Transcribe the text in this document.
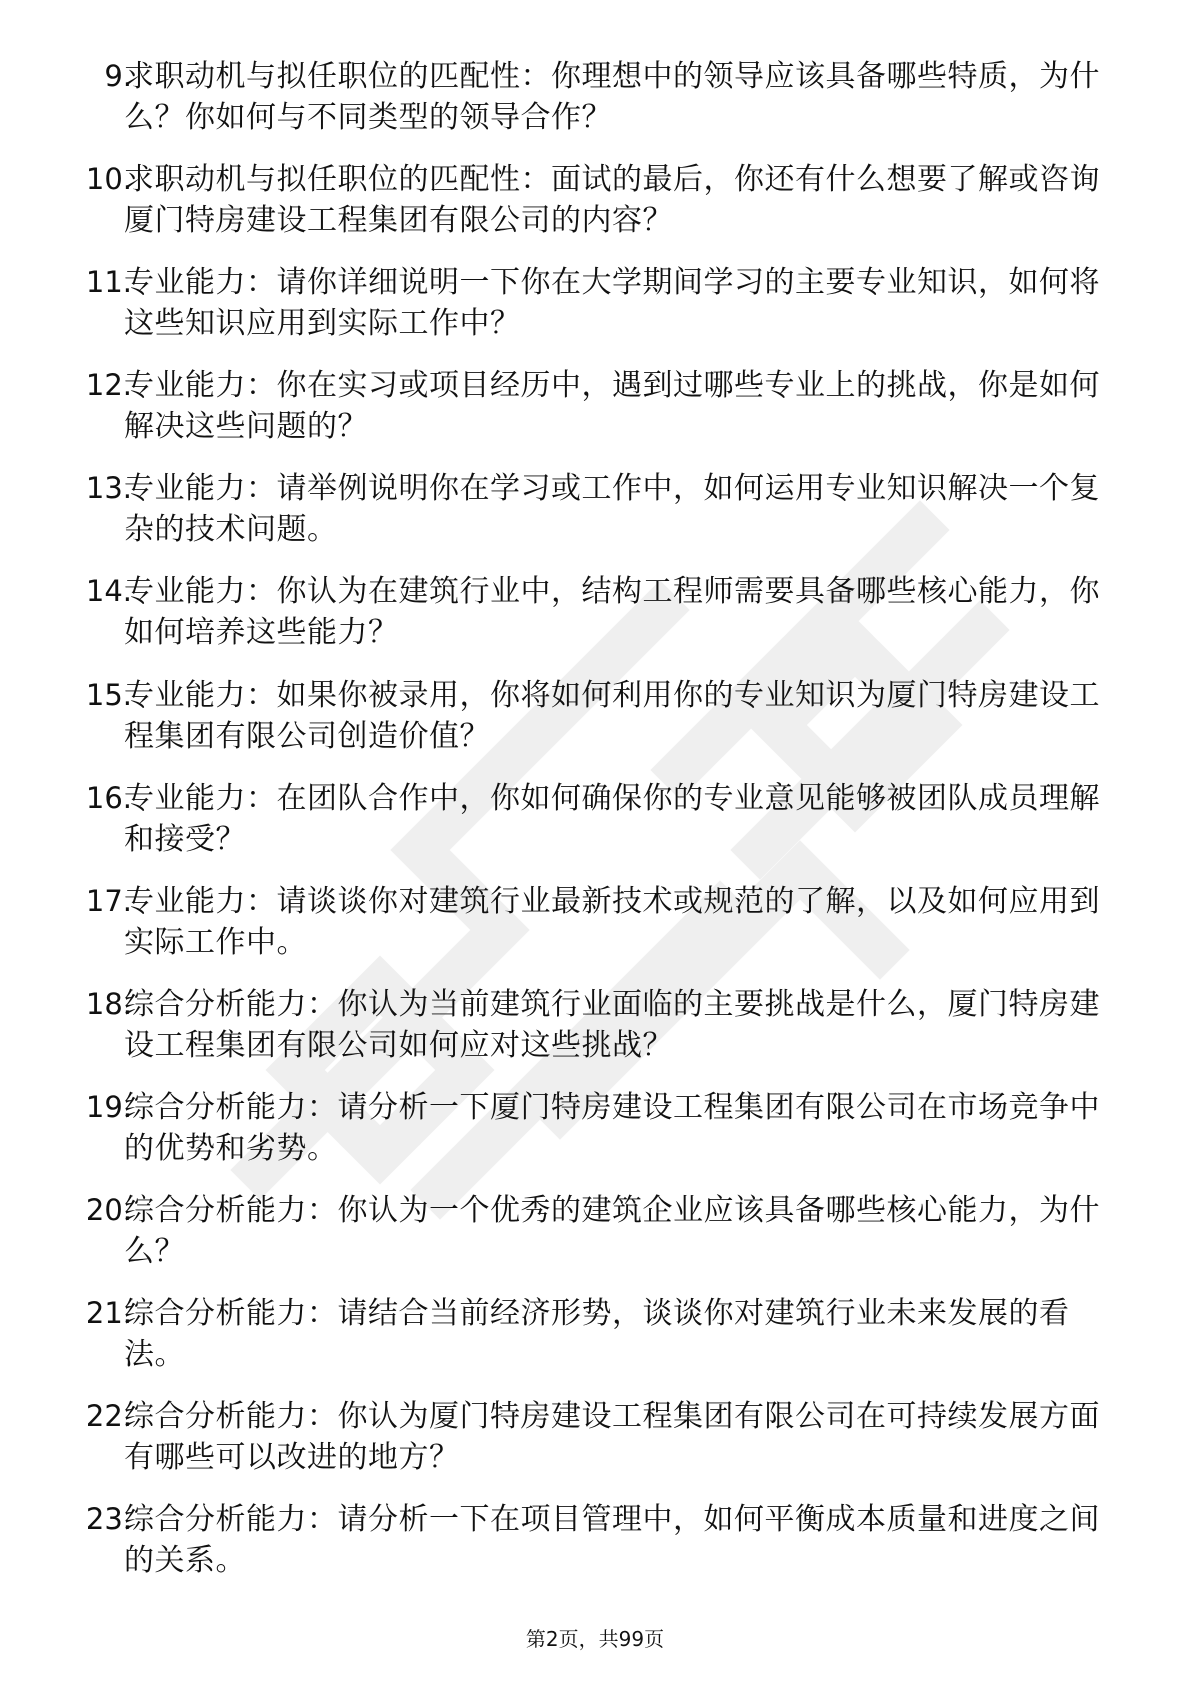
9.
求职动机与拟任职位的匹配性：你理想中的领导应该具备哪些特质，为什么？你如何与不同类型的领导合作？
10.
求职动机与拟任职位的匹配性：面试的最后，你还有什么想要了解或咨询厦门特房建设工程集团有限公司的内容？
11.
专业能力：请你详细说明一下你在大学期间学习的主要专业知识，如何将这些知识应用到实际工作中？
12.
专业能力：你在实习或项目经历中，遇到过哪些专业上的挑战，你是如何解决这些问题的？
13.
专业能力：请举例说明你在学习或工作中，如何运用专业知识解决一个复杂的技术问题。
14.
专业能力：你认为在建筑行业中，结构工程师需要具备哪些核心能力，你如何培养这些能力？
15.
专业能力：如果你被录用，你将如何利用你的专业知识为厦门特房建设工程集团有限公司创造价值？
16.
专业能力：在团队合作中，你如何确保你的专业意见能够被团队成员理解和接受？
17.
专业能力：请谈谈你对建筑行业最新技术或规范的了解，以及如何应用到实际工作中。
18.
综合分析能力：你认为当前建筑行业面临的主要挑战是什么，厦门特房建设工程集团有限公司如何应对这些挑战？
19.
综合分析能力：请分析一下厦门特房建设工程集团有限公司在市场竞争中的优势和劣势。
20.
综合分析能力：你认为一个优秀的建筑企业应该具备哪些核心能力，为什么？
21.
综合分析能力：请结合当前经济形势，谈谈你对建筑行业未来发展的看法。
22.
综合分析能力：你认为厦门特房建设工程集团有限公司在可持续发展方面有哪些可以改进的地方？
23.
综合分析能力：请分析一下在项目管理中，如何平衡成本质量和进度之间的关系。
第2页，共99页
